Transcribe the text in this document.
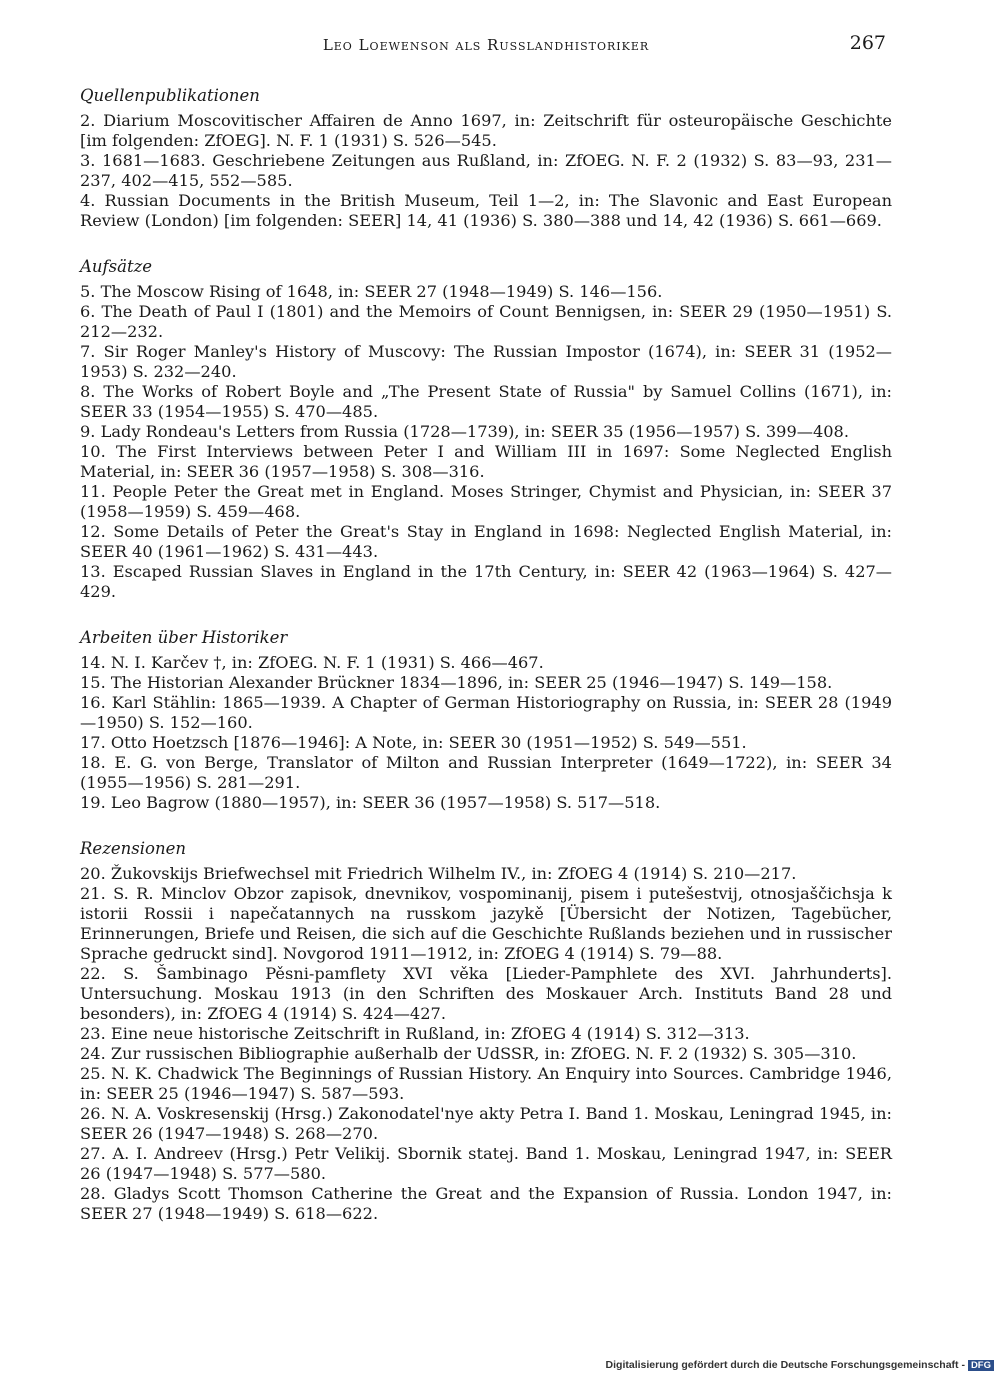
Leo Loewenson als Russlandhistoriker	267
Quellenpublikationen

2. Diarium Moscovitischer Affairen de Anno 1697, in: Zeitschrift für osteuropäische Geschichte [im folgenden: ZfOEG]. N. F. 1 (1931) S. 526—545.

3. 1681—1683. Geschriebene Zeitungen aus Rußland, in: ZfOEG. N. F. 2 (1932) S. 83—93, 231—237, 402—415, 552—585.

4. Russian Documents in the British Museum, Teil 1—2, in: The Slavonic and East European Review (London) [im folgenden: SEER] 14, 41 (1936) S. 380—388 und 14, 42 (1936) S. 661—669.

Aufsätze

5. The Moscow Rising of 1648, in: SEER 27 (1948—1949) S. 146—156.

6. The Death of Paul I (1801) and the Memoirs of Count Bennigsen, in: SEER 29 (1950—1951) S. 212—232.

7. Sir Roger Manley's History of Muscovy: The Russian Impostor (1674), in: SEER 31 (1952—1953) S. 232—240.

8. The Works of Robert Boyle and „The Present State of Russia" by Samuel Collins (1671), in: SEER 33 (1954—1955) S. 470—485.

9. Lady Rondeau's Letters from Russia (1728—1739), in: SEER 35 (1956—1957) S. 399—408.

10. The First Interviews between Peter I and William III in 1697: Some Neglected English Material, in: SEER 36 (1957—1958) S. 308—316.

11. People Peter the Great met in England. Moses Stringer, Chymist and Physician, in: SEER 37 (1958—1959) S. 459—468.

12. Some Details of Peter the Great's Stay in England in 1698: Neglected English Material, in: SEER 40 (1961—1962) S. 431—443.

13. Escaped Russian Slaves in England in the 17th Century, in: SEER 42 (1963—1964) S. 427—429.

Arbeiten über Historiker

14. N. I. Karčev †, in: ZfOEG. N. F. 1 (1931) S. 466—467.

15. The Historian Alexander Brückner 1834—1896, in: SEER 25 (1946—1947) S. 149—158.

16. Karl Stählin: 1865—1939. A Chapter of German Historiography on Russia, in: SEER 28 (1949—1950) S. 152—160.

17. Otto Hoetzsch [1876—1946]: A Note, in: SEER 30 (1951—1952) S. 549—551.

18. E. G. von Berge, Translator of Milton and Russian Interpreter (1649—1722), in: SEER 34 (1955—1956) S. 281—291.

19. Leo Bagrow (1880—1957), in: SEER 36 (1957—1958) S. 517—518.

Rezensionen

20. Žukovskijs Briefwechsel mit Friedrich Wilhelm IV., in: ZfOEG 4 (1914) S. 210—217.

21. S. R. Minclov Obzor zapisok, dnevnikov, vospominanij, pisem i putešestvij, otnosjaščichsja k istorii Rossii i napečatannych na russkom jazykě [Übersicht der Notizen, Tagebücher, Erinnerungen, Briefe und Reisen, die sich auf die Geschichte Rußlands beziehen und in russischer Sprache gedruckt sind]. Novgorod 1911—1912, in: ZfOEG 4 (1914) S. 79—88.

22. S. Šambinago Pěsni-pamflety XVI věka [Lieder-Pamphlete des XVI. Jahrhunderts]. Untersuchung. Moskau 1913 (in den Schriften des Moskauer Arch. Instituts Band 28 und besonders), in: ZfOEG 4 (1914) S. 424—427.

23. Eine neue historische Zeitschrift in Rußland, in: ZfOEG 4 (1914) S. 312—313.

24. Zur russischen Bibliographie außerhalb der UdSSR, in: ZfOEG. N. F. 2 (1932) S. 305—310.

25. N. K. Chadwick The Beginnings of Russian History. An Enquiry into Sources. Cambridge 1946, in: SEER 25 (1946—1947) S. 587—593.

26. N. A. Voskresenskij (Hrsg.) Zakonodatel'nye akty Petra I. Band 1. Moskau, Leningrad 1945, in: SEER 26 (1947—1948) S. 268—270.

27. A. I. Andreev (Hrsg.) Petr Velikij. Sbornik statej. Band 1. Moskau, Leningrad 1947, in: SEER 26 (1947—1948) S. 577—580.

28. Gladys Scott Thomson Catherine the Great and the Expansion of Russia. London 1947, in: SEER 27 (1948—1949) S. 618—622.

Digitalisierung gefördert durch die Deutsche Forschungsgemeinschaft - DFG
